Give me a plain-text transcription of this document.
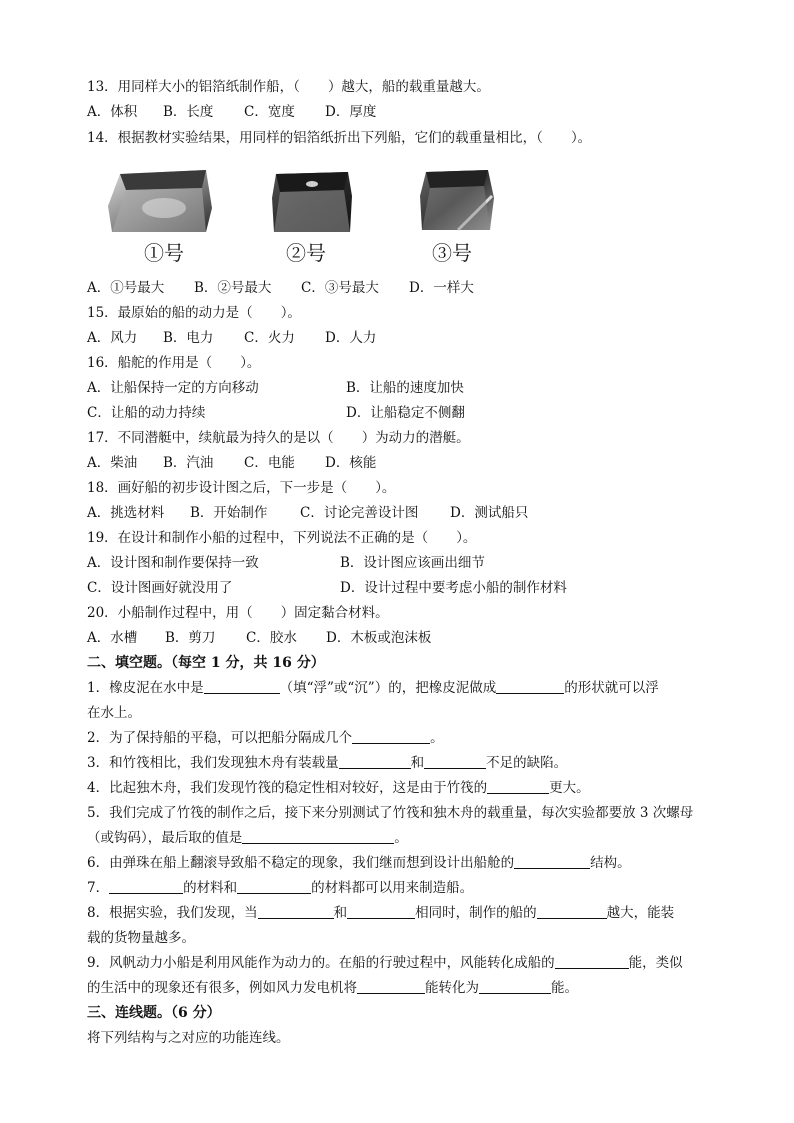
13．用同样大小的铝箔纸制作船，（ ）越大，船的载重量越大。
A．体积 B．长度 C．宽度 D．厚度
14．根据教材实验结果，用同样的铝箔纸折出下列船，它们的载重量相比，（ ）。
①号	②号	③号
A．①号最大 B．②号最大 C．③号最大 D．一样大
15．最原始的船的动力是（ ）。
A．风力 B．电力 C．火力 D．人力
16．船舵的作用是（ ）。
A．让船保持一定的方向移动	B．让船的速度加快
C．让船的动力持续	D．让船稳定不侧翻
17．不同潜艇中，续航最为持久的是以（ ）为动力的潜艇。
A．柴油 B．汽油 C．电能 D．核能
18．画好船的初步设计图之后，下一步是（ ）。
A．挑选材料 B．开始制作 C．讨论完善设计图 D．测试船只
19．在设计和制作小船的过程中，下列说法不正确的是（ ）。
A．设计图和制作要保持一致	B．设计图应该画出细节
C．设计图画好就没用了	D．设计过程中要考虑小船的制作材料
20．小船制作过程中，用（ ）固定黏合材料。
A．水槽 B．剪刀 C．胶水 D．木板或泡沫板
二、填空题。（每空 1 分，共 16 分）
1．橡皮泥在水中是	（填“浮”或“沉”）的，把橡皮泥做成	的形状就可以浮
在水上。
2．为了保持船的平稳，可以把船分隔成几个	。
3．和竹筏相比，我们发现独木舟有装载量	和	不足的缺陷。
4．比起独木舟，我们发现竹筏的稳定性相对较好，这是由于竹筏的	更大。
5．我们完成了竹筏的制作之后，接下来分别测试了竹筏和独木舟的载重量，每次实验都要放 3 次螺母
（或钩码），最后取的值是	。
6．由弹珠在船上翻滚导致船不稳定的现象，我们继而想到设计出船舱的	结构。
7．	的材料和	的材料都可以用来制造船。
8．根据实验，我们发现，当	和	相同时，制作的船的	越大，能装
载的货物量越多。
9．风帆动力小船是利用风能作为动力的。在船的行驶过程中，风能转化成船的	能，类似
的生活中的现象还有很多，例如风力发电机将	能转化为	能。
三、连线题。（6 分）
将下列结构与之对应的功能连线。
